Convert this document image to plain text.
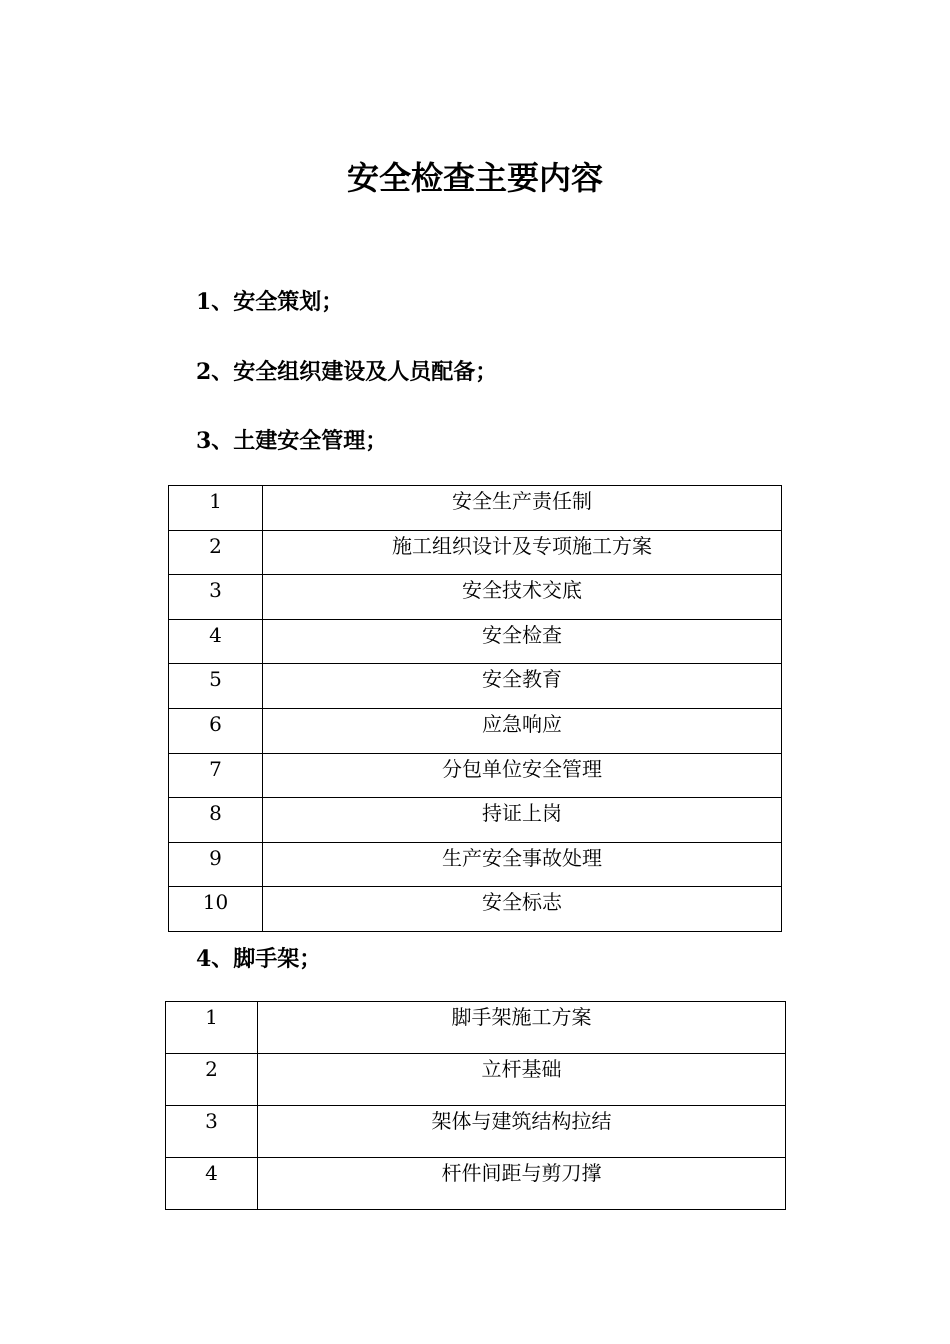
安全检查主要内容

1、安全策划；

2、安全组织建设及人员配备；

3、土建安全管理；

1	安全生产责任制
2	施工组织设计及专项施工方案
3	安全技术交底
4	安全检查
5	安全教育
6	应急响应
7	分包单位安全管理
8	持证上岗
9	生产安全事故处理
10	安全标志

4、脚手架；

1	脚手架施工方案
2	立杆基础
3	架体与建筑结构拉结
4	杆件间距与剪刀撑
